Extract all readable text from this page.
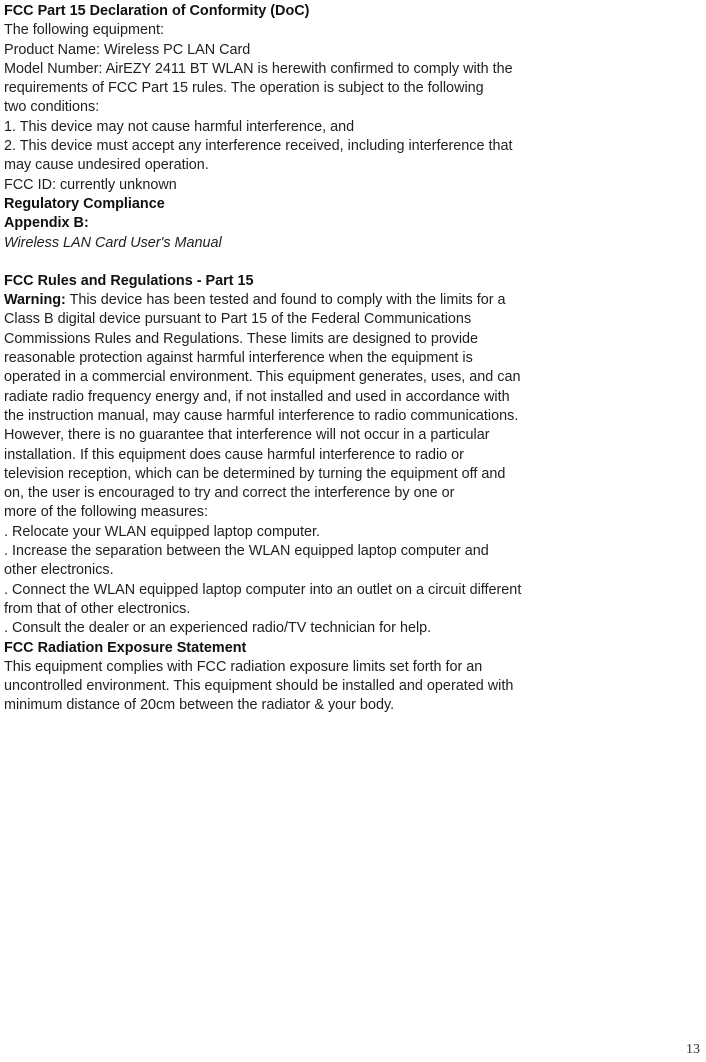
FCC Part 15 Declaration of Conformity (DoC)
The following equipment:
Product Name: Wireless PC LAN Card
Model Number: AirEZY 2411 BT WLAN is herewith confirmed to comply with the
requirements of FCC Part 15 rules. The operation is subject to the following
two conditions:
1. This device may not cause harmful interference, and
2. This device must accept any interference received, including interference that
may cause undesired operation.
FCC ID: currently unknown
Regulatory Compliance
Appendix B:
Wireless LAN Card User's Manual
FCC Rules and Regulations - Part 15
Warning: This device has been tested and found to comply with the limits for a
Class B digital device pursuant to Part 15 of the Federal Communications
Commissions Rules and Regulations. These limits are designed to provide
reasonable protection against harmful interference when the equipment is
operated in a commercial environment. This equipment generates, uses, and can
radiate radio frequency energy and, if not installed and used in accordance with
the instruction manual, may cause harmful interference to radio communications.
However, there is no guarantee that interference will not occur in a particular
installation. If this equipment does cause harmful interference to radio or
television reception, which can be determined by turning the equipment off and
on, the user is encouraged to try and correct the interference by one or
more of the following measures:
. Relocate your WLAN equipped laptop computer.
. Increase the separation between the WLAN equipped laptop computer and
other electronics.
. Connect the WLAN equipped laptop computer into an outlet on a circuit different
from that of other electronics.
. Consult the dealer or an experienced radio/TV technician for help.
FCC Radiation Exposure Statement
This equipment complies with FCC radiation exposure limits set forth for an
uncontrolled environment. This equipment should be installed and operated with
minimum distance of 20cm between the radiator & your body.
13
